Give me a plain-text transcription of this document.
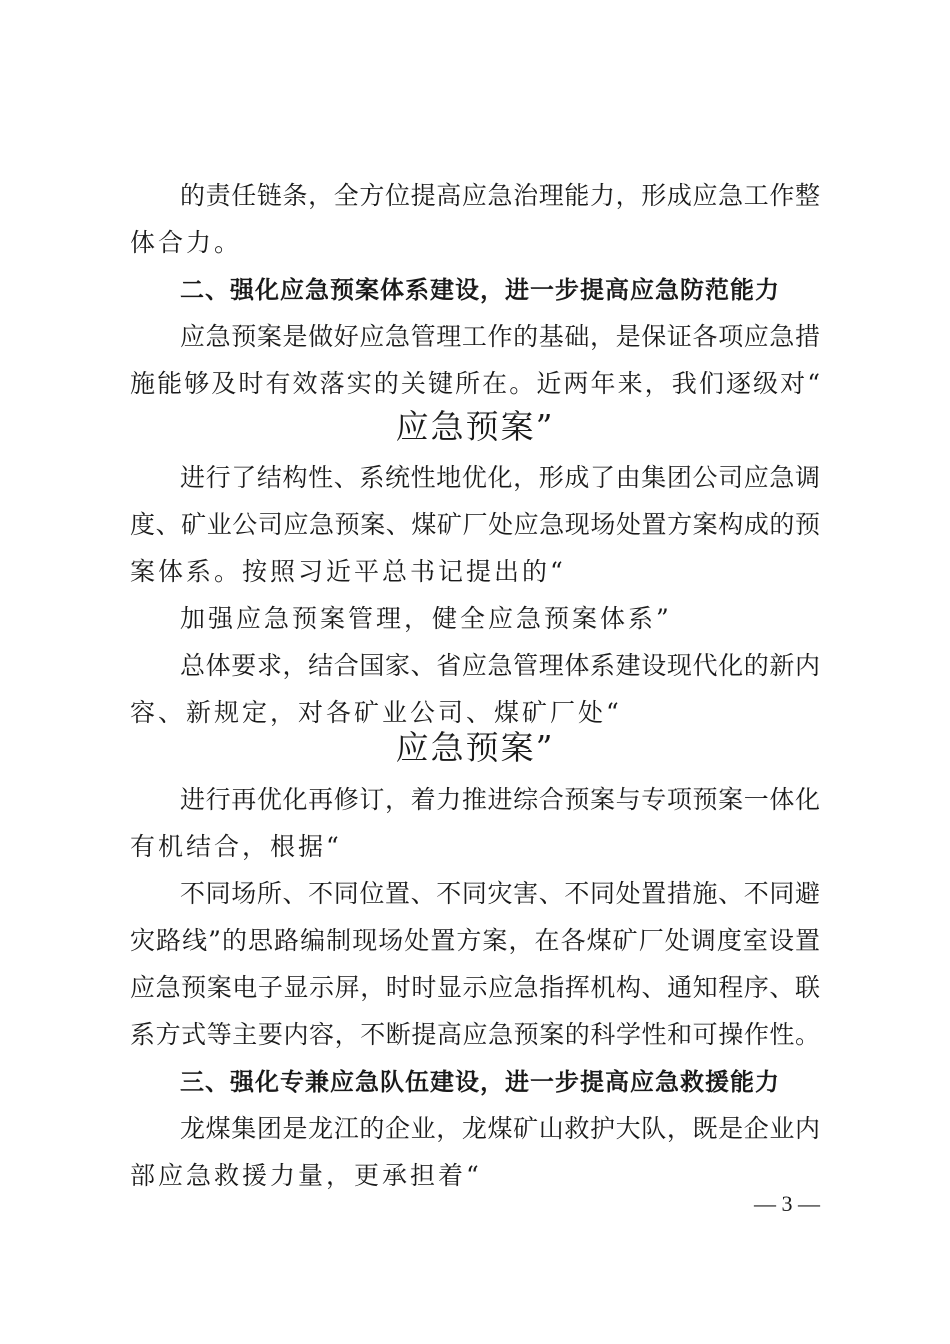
的责任链条，全方位提高应急治理能力，形成应急工作整
体合力。
二、强化应急预案体系建设，进一步提高应急防范能力
应急预案是做好应急管理工作的基础，是保证各项应急措
施能够及时有效落实的关键所在。近两年来，我们逐级对“
应急预案”
进行了结构性、系统性地优化，形成了由集团公司应急调
度、矿业公司应急预案、煤矿厂处应急现场处置方案构成的预
案体系。按照习近平总书记提出的“
加强应急预案管理，健全应急预案体系”
总体要求，结合国家、省应急管理体系建设现代化的新内
容、新规定，对各矿业公司、煤矿厂处“
应急预案”
进行再优化再修订，着力推进综合预案与专项预案一体化
有机结合，根据“
不同场所、不同位置、不同灾害、不同处置措施、不同避
灾路线”的思路编制现场处置方案，在各煤矿厂处调度室设置
应急预案电子显示屏，时时显示应急指挥机构、通知程序、联
系方式等主要内容，不断提高应急预案的科学性和可操作性。
三、强化专兼应急队伍建设，进一步提高应急救援能力
龙煤集团是龙江的企业，龙煤矿山救护大队，既是企业内
部应急救援力量，更承担着“
— 3 —
